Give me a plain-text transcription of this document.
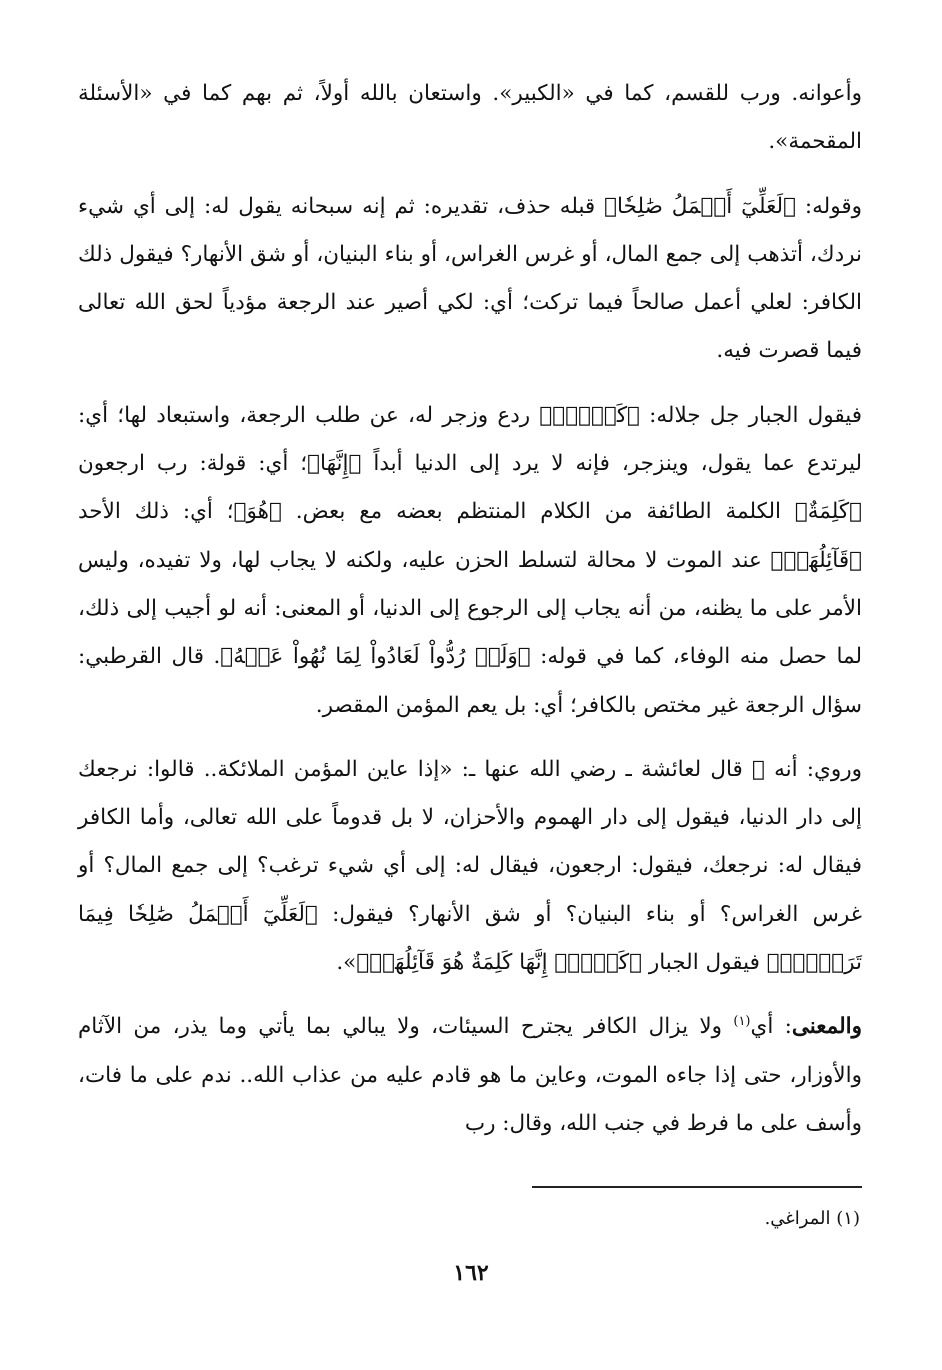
وأعوانه. ورب للقسم، كما في «الكبير». واستعان بالله أولاً، ثم بهم كما في «الأسئلة المقحمة».

وقوله: ﴿لَعَلِّيٓ أَعۡمَلُ صَٰلِحٗا﴾ قبله حذف، تقديره: ثم إنه سبحانه يقول له: إلى أي شيء نردك، أتذهب إلى جمع المال، أو غرس الغراس، أو بناء البنيان، أو شق الأنهار؟ فيقول ذلك الكافر: لعلي أعمل صالحاً فيما تركت؛ أي: لكي أصير عند الرجعة مؤدياً لحق الله تعالى فيما قصرت فيه.

فيقول الجبار جل جلاله: ﴿كَلَّآۚ﴾ ردع وزجر له، عن طلب الرجعة، واستبعاد لها؛ أي: ليرتدع عما يقول، وينزجر، فإنه لا يرد إلى الدنيا أبداً ﴿إِنَّهَا﴾؛ أي: قولة: رب ارجعون ﴿كَلِمَةٌ﴾ الكلمة الطائفة من الكلام المنتظم بعضه مع بعض. ﴿هُوَ﴾؛ أي: ذلك الأحد ﴿قَآئِلُهَاۖ﴾ عند الموت لا محالة لتسلط الحزن عليه، ولكنه لا يجاب لها، ولا تفيده، وليس الأمر على ما يظنه، من أنه يجاب إلى الرجوع إلى الدنيا، أو المعنى: أنه لو أجيب إلى ذلك، لما حصل منه الوفاء، كما في قوله: ﴿وَلَوۡ رُدُّواْ لَعَادُواْ لِمَا نُهُواْ عَنۡهُ﴾. قال القرطبي: سؤال الرجعة غير مختص بالكافر؛ أي: بل يعم المؤمن المقصر.

وروي: أنه ﷺ قال لعائشة ـ رضي الله عنها ـ: «إذا عاين المؤمن الملائكة.. قالوا: نرجعك إلى دار الدنيا، فيقول إلى دار الهموم والأحزان، لا بل قدوماً على الله تعالى، وأما الكافر فيقال له: نرجعك، فيقول: ارجعون، فيقال له: إلى أي شيء ترغب؟ إلى جمع المال؟ أو غرس الغراس؟ أو بناء البنيان؟ أو شق الأنهار؟ فيقول: ﴿لَعَلِّيٓ أَعۡمَلُ صَٰلِحٗا فِيمَا تَرَكۡتُۚ﴾ فيقول الجبار ﴿كَلَّآۚ إِنَّهَا كَلِمَةٌ هُوَ قَآئِلُهَاۖ﴾».

والمعنى: أي$^{(١)}$ ولا يزال الكافر يجترح السيئات، ولا يبالي بما يأتي وما يذر، من الآثام والأوزار، حتى إذا جاءه الموت، وعاين ما هو قادم عليه من عذاب الله.. ندم على ما فات، وأسف على ما فرط في جنب الله، وقال: رب

(١) المراغي.
١٦٢
